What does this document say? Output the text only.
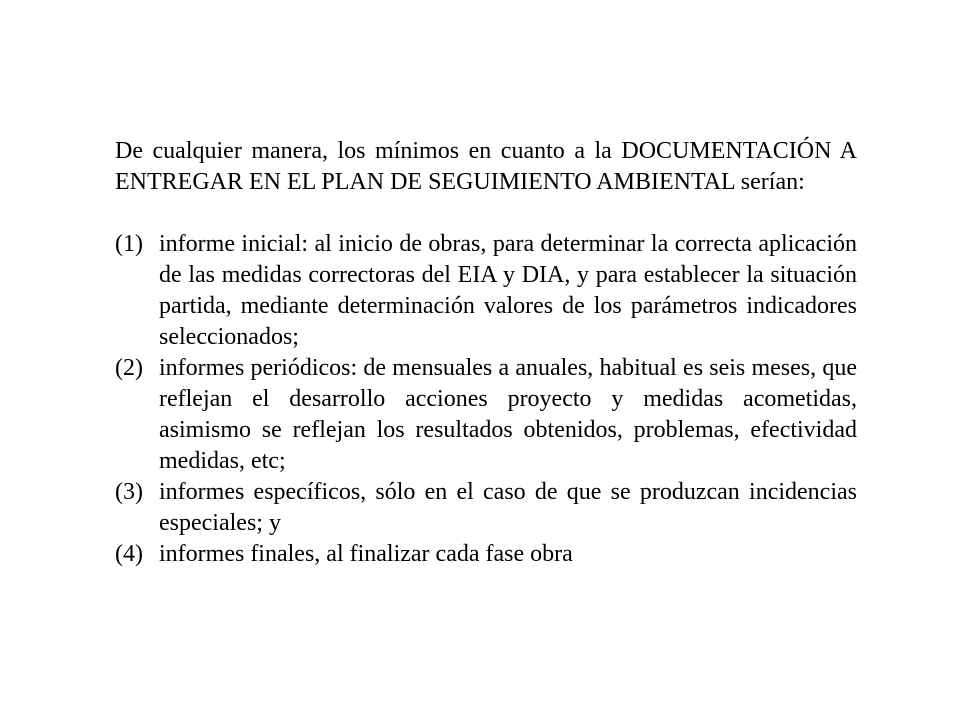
De cualquier manera, los mínimos en cuanto a la DOCUMENTACIÓN A ENTREGAR EN EL PLAN DE SEGUIMIENTO AMBIENTAL serían:

(1) informe inicial: al inicio de obras, para determinar la correcta aplicación de las medidas correctoras del EIA y DIA, y para establecer la situación partida, mediante determinación valores de los parámetros indicadores seleccionados;
(2) informes periódicos: de mensuales a anuales, habitual es seis meses, que reflejan el desarrollo acciones proyecto y medidas acometidas, asimismo se reflejan los resultados obtenidos, problemas, efectividad medidas, etc;
(3) informes específicos, sólo en el caso de que se produzcan incidencias especiales; y
(4) informes finales, al finalizar cada fase obra
